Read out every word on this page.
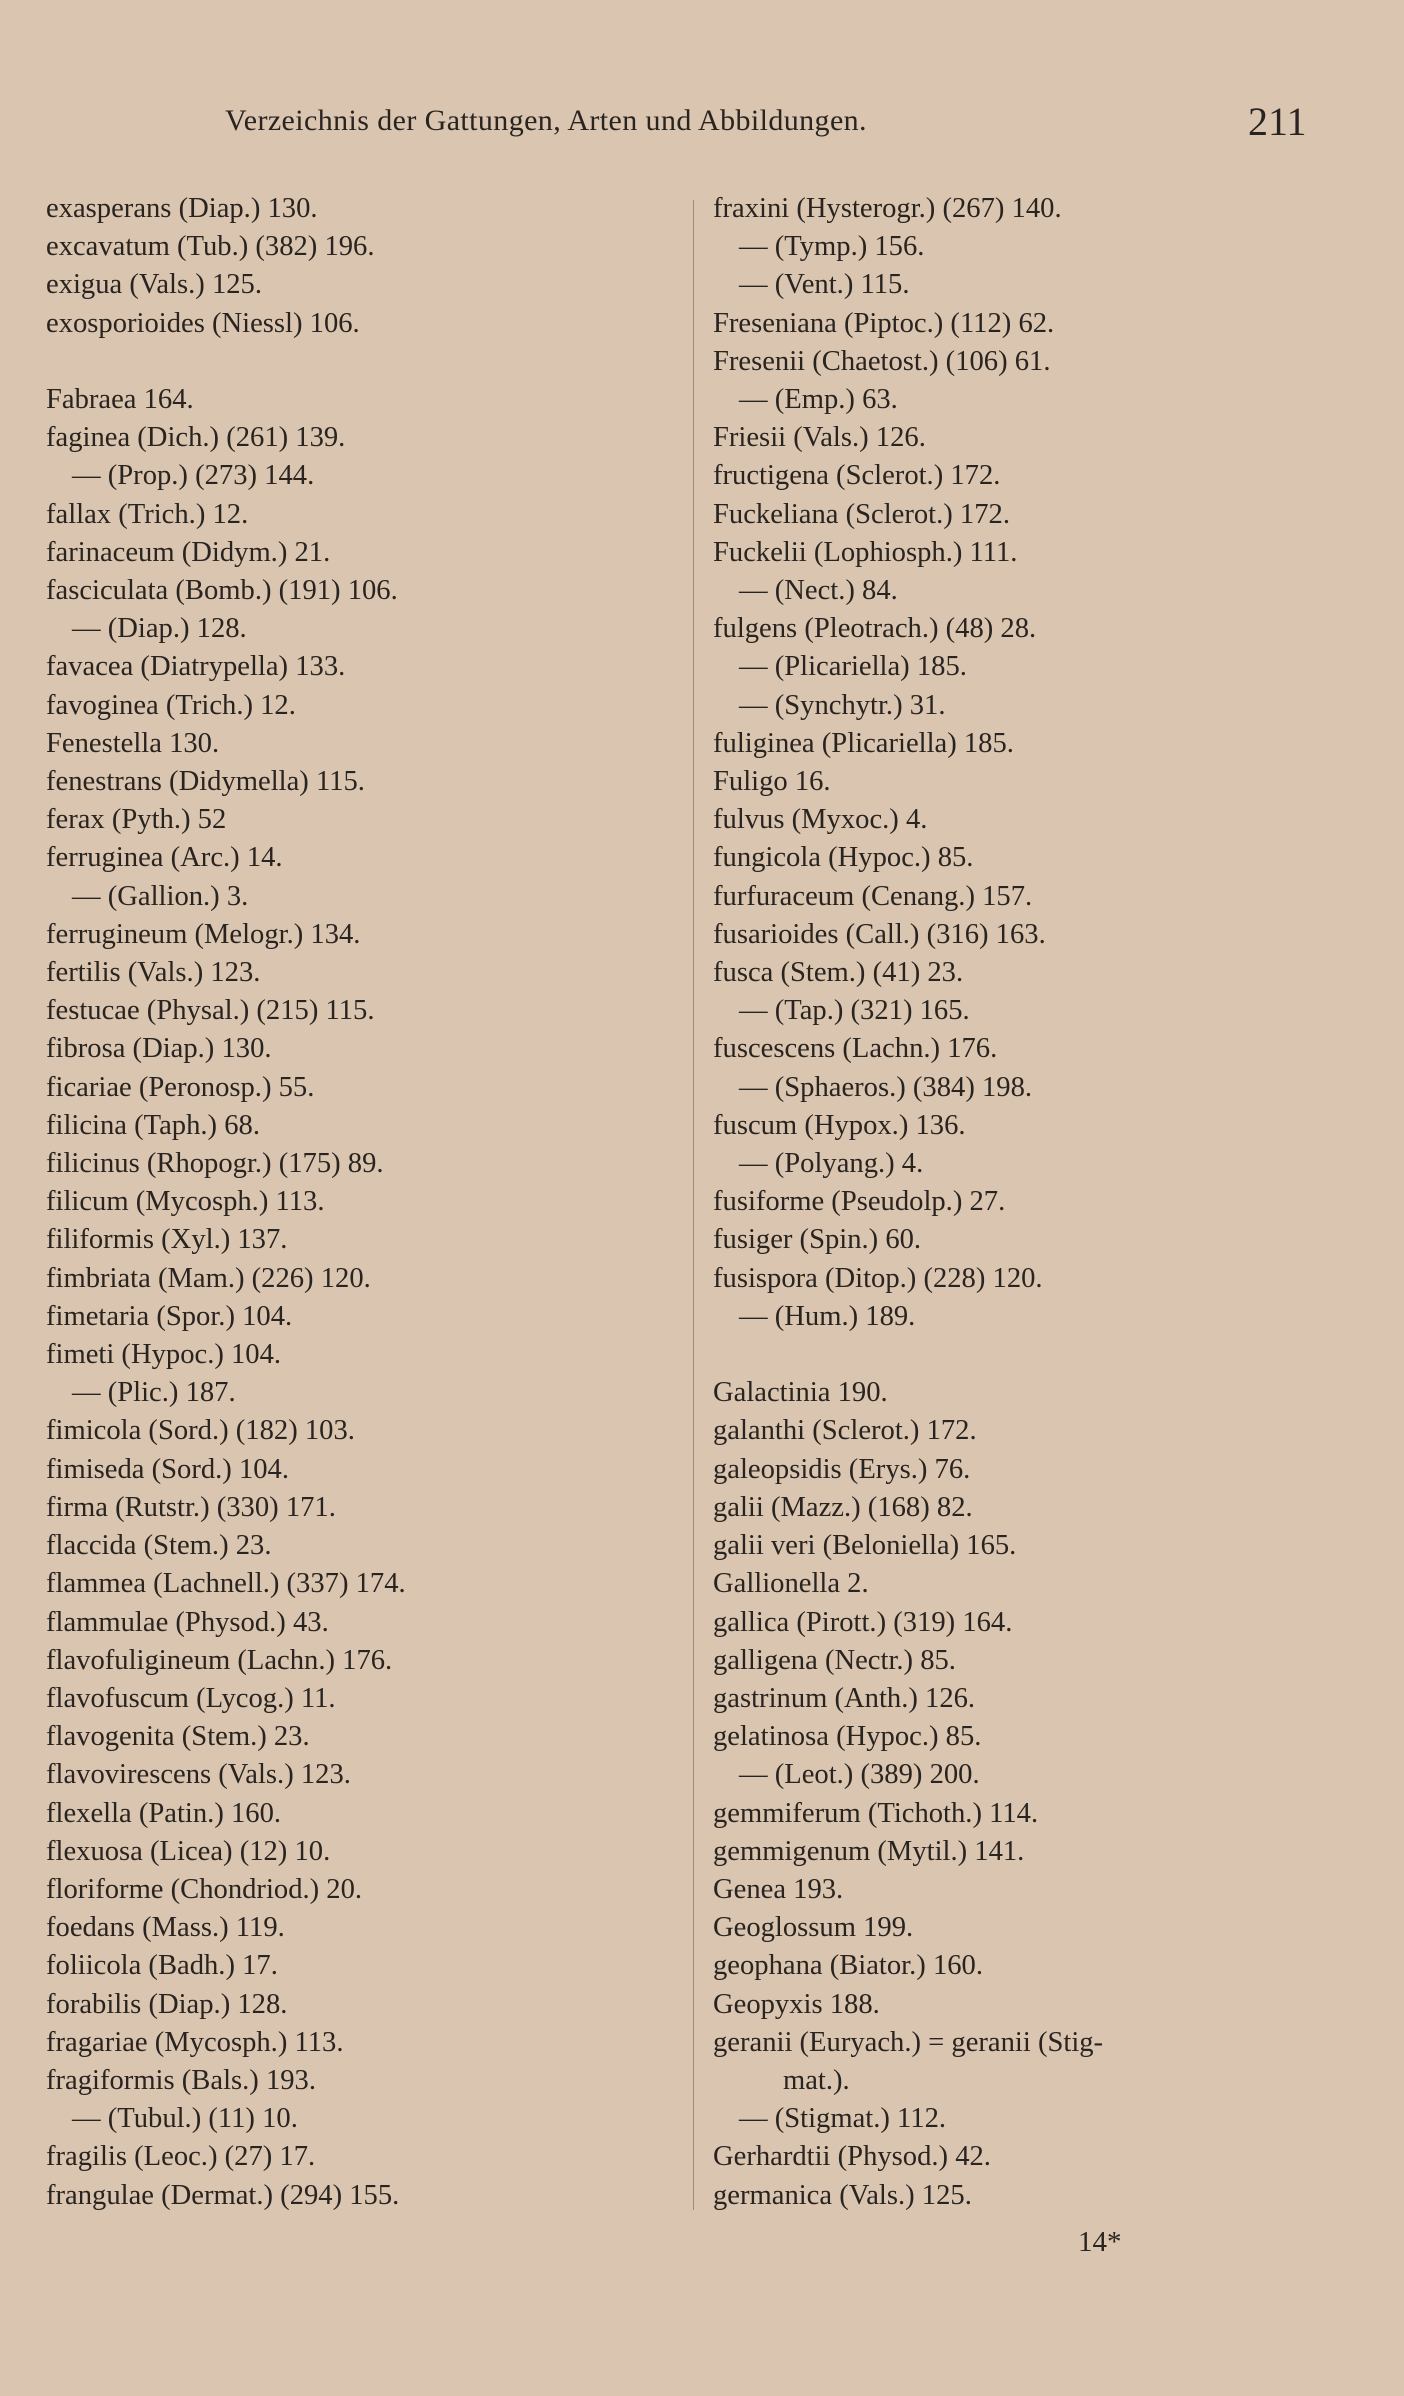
Verzeichnis der Gattungen, Arten und Abbildungen.	211
exasperans (Diap.) 130.
excavatum (Tub.) (382) 196.
exigua (Vals.) 125.
exosporioides (Niessl) 106.
Fabraea 164.
faginea (Dich.) (261) 139.
— (Prop.) (273) 144.
fallax (Trich.) 12.
farinaceum (Didym.) 21.
fasciculata (Bomb.) (191) 106.
— (Diap.) 128.
favacea (Diatrypella) 133.
favoginea (Trich.) 12.
Fenestella 130.
fenestrans (Didymella) 115.
ferax (Pyth.) 52
ferruginea (Arc.) 14.
— (Gallion.) 3.
ferrugineum (Melogr.) 134.
fertilis (Vals.) 123.
festucae (Physal.) (215) 115.
fibrosa (Diap.) 130.
ficariae (Peronosp.) 55.
filicina (Taph.) 68.
filicinus (Rhopogr.) (175) 89.
filicum (Mycosph.) 113.
filiformis (Xyl.) 137.
fimbriata (Mam.) (226) 120.
fimetaria (Spor.) 104.
fimeti (Hypoc.) 104.
— (Plic.) 187.
fimicola (Sord.) (182) 103.
fimiseda (Sord.) 104.
firma (Rutstr.) (330) 171.
flaccida (Stem.) 23.
flammea (Lachnell.) (337) 174.
flammulae (Physod.) 43.
flavofuligineum (Lachn.) 176.
flavofuscum (Lycog.) 11.
flavogenita (Stem.) 23.
flavovirescens (Vals.) 123.
flexella (Patin.) 160.
flexuosa (Licea) (12) 10.
floriforme (Chondriod.) 20.
foedans (Mass.) 119.
foliicola (Badh.) 17.
forabilis (Diap.) 128.
fragariae (Mycosph.) 113.
fragiformis (Bals.) 193.
— (Tubul.) (11) 10.
fragilis (Leoc.) (27) 17.
frangulae (Dermat.) (294) 155.
fraxini (Hysterogr.) (267) 140.
— (Tymp.) 156.
— (Vent.) 115.
Freseniana (Piptoc.) (112) 62.
Fresenii (Chaetost.) (106) 61.
— (Emp.) 63.
Friesii (Vals.) 126.
fructigena (Sclerot.) 172.
Fuckeliana (Sclerot.) 172.
Fuckelii (Lophiosph.) 111.
— (Nect.) 84.
fulgens (Pleotrach.) (48) 28.
— (Plicariella) 185.
— (Synchytr.) 31.
fuliginea (Plicariella) 185.
Fuligo 16.
fulvus (Myxoc.) 4.
fungicola (Hypoc.) 85.
furfuraceum (Cenang.) 157.
fusarioides (Call.) (316) 163.
fusca (Stem.) (41) 23.
— (Tap.) (321) 165.
fuscescens (Lachn.) 176.
— (Sphaeros.) (384) 198.
fuscum (Hypox.) 136.
— (Polyang.) 4.
fusiforme (Pseudolp.) 27.
fusiger (Spin.) 60.
fusispora (Ditop.) (228) 120.
— (Hum.) 189.
Galactinia 190.
galanthi (Sclerot.) 172.
galeopsidis (Erys.) 76.
galii (Mazz.) (168) 82.
galii veri (Beloniella) 165.
Gallionella 2.
gallica (Pirott.) (319) 164.
galligena (Nectr.) 85.
gastrinum (Anth.) 126.
gelatinosa (Hypoc.) 85.
— (Leot.) (389) 200.
gemmiferum (Tichoth.) 114.
gemmigenum (Mytil.) 141.
Genea 193.
Geoglossum 199.
geophana (Biator.) 160.
Geopyxis 188.
geranii (Euryach.) = geranii (Stig-
mat.).
— (Stigmat.) 112.
Gerhardtii (Physod.) 42.
germanica (Vals.) 125.
14*
